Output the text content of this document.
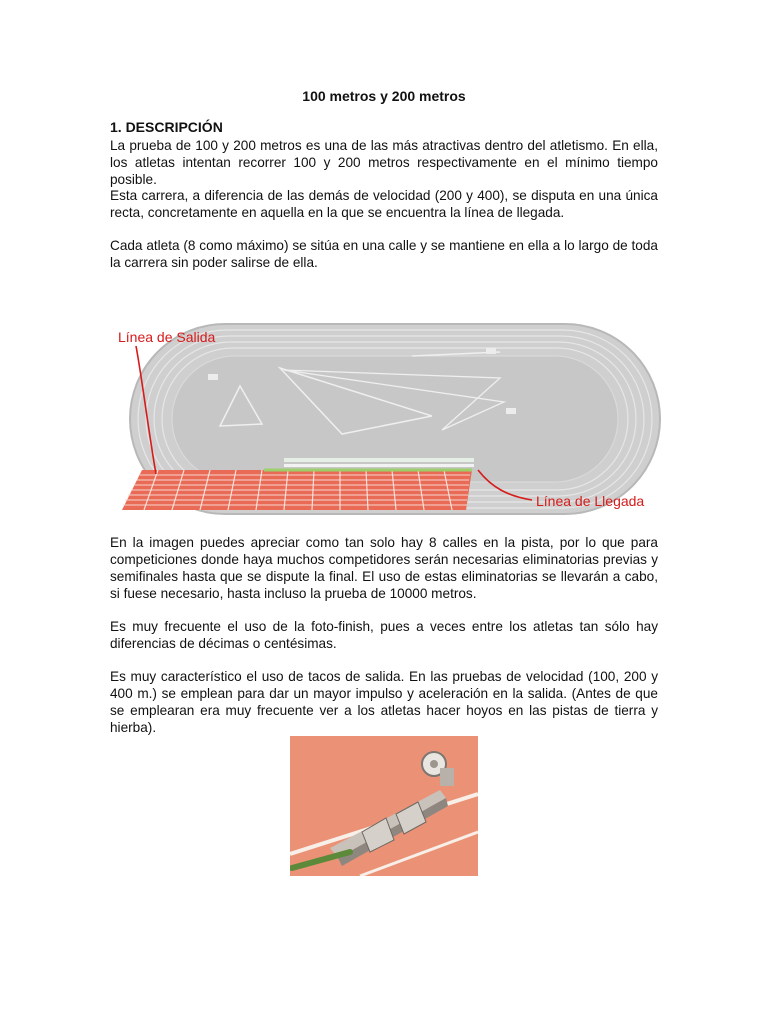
100 metros y 200 metros
1. DESCRIPCIÓN

La prueba de 100 y 200 metros es una de las más atractivas dentro del atletismo. En ella, los atletas intentan recorrer 100 y 200 metros respectivamente en el mínimo tiempo posible.

Esta carrera, a diferencia de las demás de velocidad (200 y 400), se disputa en una única recta, concretamente en aquella en la que se encuentra la línea de llegada.

Cada atleta (8 como máximo) se sitúa en una calle y se mantiene en ella a lo largo de toda la carrera sin poder salirse de ella.

Línea de Salida
Línea de Llegada

En la imagen puedes apreciar como tan solo hay 8 calles en la pista, por lo que para competiciones donde haya muchos competidores serán necesarias eliminatorias previas y semifinales hasta que se dispute la final. El uso de estas eliminatorias se llevarán a cabo, si fuese necesario, hasta incluso la prueba de 10000 metros.

Es muy frecuente el uso de la foto-finish, pues a veces entre los atletas tan sólo hay diferencias de décimas o centésimas.

Es muy característico el uso de tacos de salida. En las pruebas de velocidad (100, 200 y 400 m.) se emplean para dar un mayor impulso y aceleración en la salida. (Antes de que se emplearan era muy frecuente ver a los atletas hacer hoyos en las pistas de tierra y hierba).
